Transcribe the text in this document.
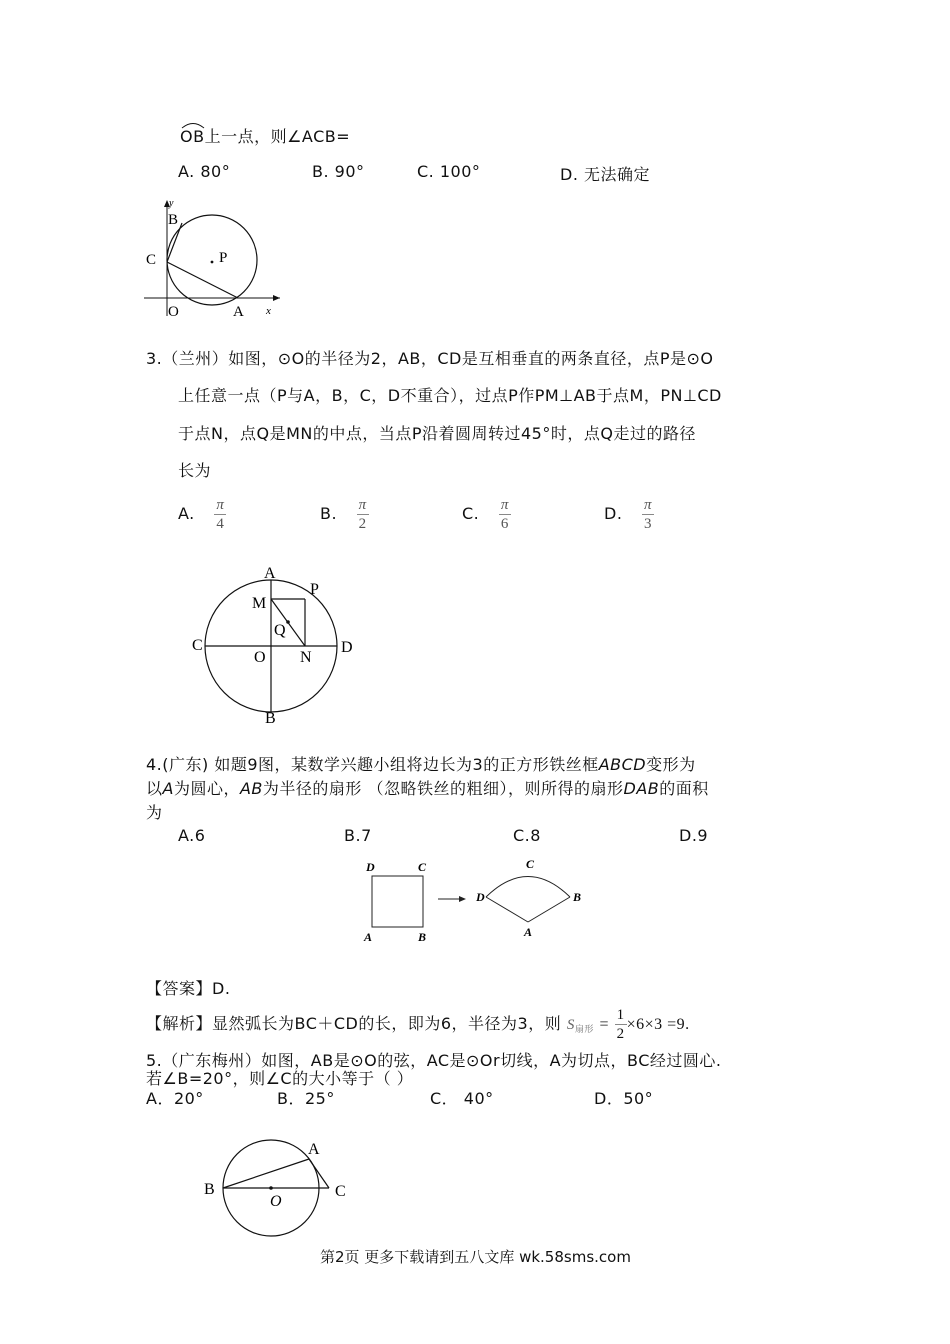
OB上一点，则∠ACB=
A. 80°	B. 90°	C. 100°	D. 无法确定
y
B
C	P
O	A x
3.（兰州）如图，⊙O的半径为2，AB，CD是互相垂直的两条直径，点P是⊙O
上任意一点（P与A，B，C，D不重合），过点P作PM⊥AB于点M，PN⊥CD
于点N，点Q是MN的中点，当点P沿着圆周转过45°时，点Q走过的路径
长为
A. $\frac{\pi}{4}$	B. $\frac{\pi}{2}$	C. $\frac{\pi}{6}$	D. $\frac{\pi}{3}$
A
P
M
Q
C
O N
D
B
4.(广东) 如题9图，某数学兴趣小组将边长为3的正方形铁丝框ABCD变形为
以A为圆心，AB为半径的扇形 （忽略铁丝的粗细），则所得的扇形DAB的面积
为
A.6	B.7	C.8	D.9
D	C
A	B
D
C
B
A
【答案】D.
【解析】显然弧长为BC＋CD的长，即为6，半径为3，则 S扇形 = $\frac{1}{2} \times 6\times 3 =9$.
5.（广东梅州）如图，AB是⊙O的弦，AC是⊙Or切线，A为切点，BC经过圆心.
若∠B=20°，则∠C的大小等于（ ）
A．20°	B．25°	C． 40°	D．50°
A
B
O
C
第2页 更多下载请到五八文库 wk.58sms.com
